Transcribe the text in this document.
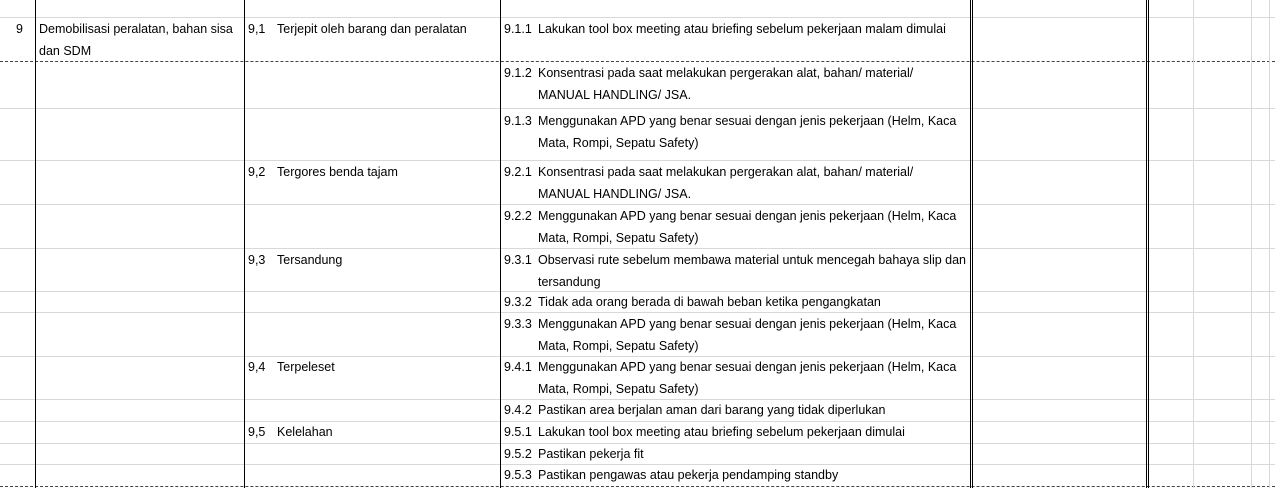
9 Demobilisasi peralatan, bahan sisa dan SDM
9,1 Terjepit oleh barang dan peralatan
9,2 Tergores benda tajam
9,3 Tersandung
9,4 Terpeleset
9,5 Kelelahan
9.1.1 Lakukan tool box meeting atau briefing sebelum pekerjaan malam dimulai
9.1.2 Konsentrasi pada saat melakukan pergerakan alat, bahan/ material/ MANUAL HANDLING/ JSA.
9.1.3 Menggunakan APD yang benar sesuai dengan jenis pekerjaan (Helm, Kaca Mata, Rompi, Sepatu Safety)
9.2.1 Konsentrasi pada saat melakukan pergerakan alat, bahan/ material/ MANUAL HANDLING/ JSA.
9.2.2 Menggunakan APD yang benar sesuai dengan jenis pekerjaan (Helm, Kaca Mata, Rompi, Sepatu Safety)
9.3.1 Observasi rute sebelum membawa material untuk mencegah bahaya slip dan tersandung
9.3.2 Tidak ada orang berada di bawah beban ketika pengangkatan
9.3.3 Menggunakan APD yang benar sesuai dengan jenis pekerjaan (Helm, Kaca Mata, Rompi, Sepatu Safety)
9.4.1 Menggunakan APD yang benar sesuai dengan jenis pekerjaan (Helm, Kaca Mata, Rompi, Sepatu Safety)
9.4.2 Pastikan area berjalan aman dari barang yang tidak diperlukan
9.5.1 Lakukan tool box meeting atau briefing sebelum pekerjaan dimulai
9.5.2 Pastikan pekerja fit
9.5.3 Pastikan pengawas atau pekerja pendamping standby
